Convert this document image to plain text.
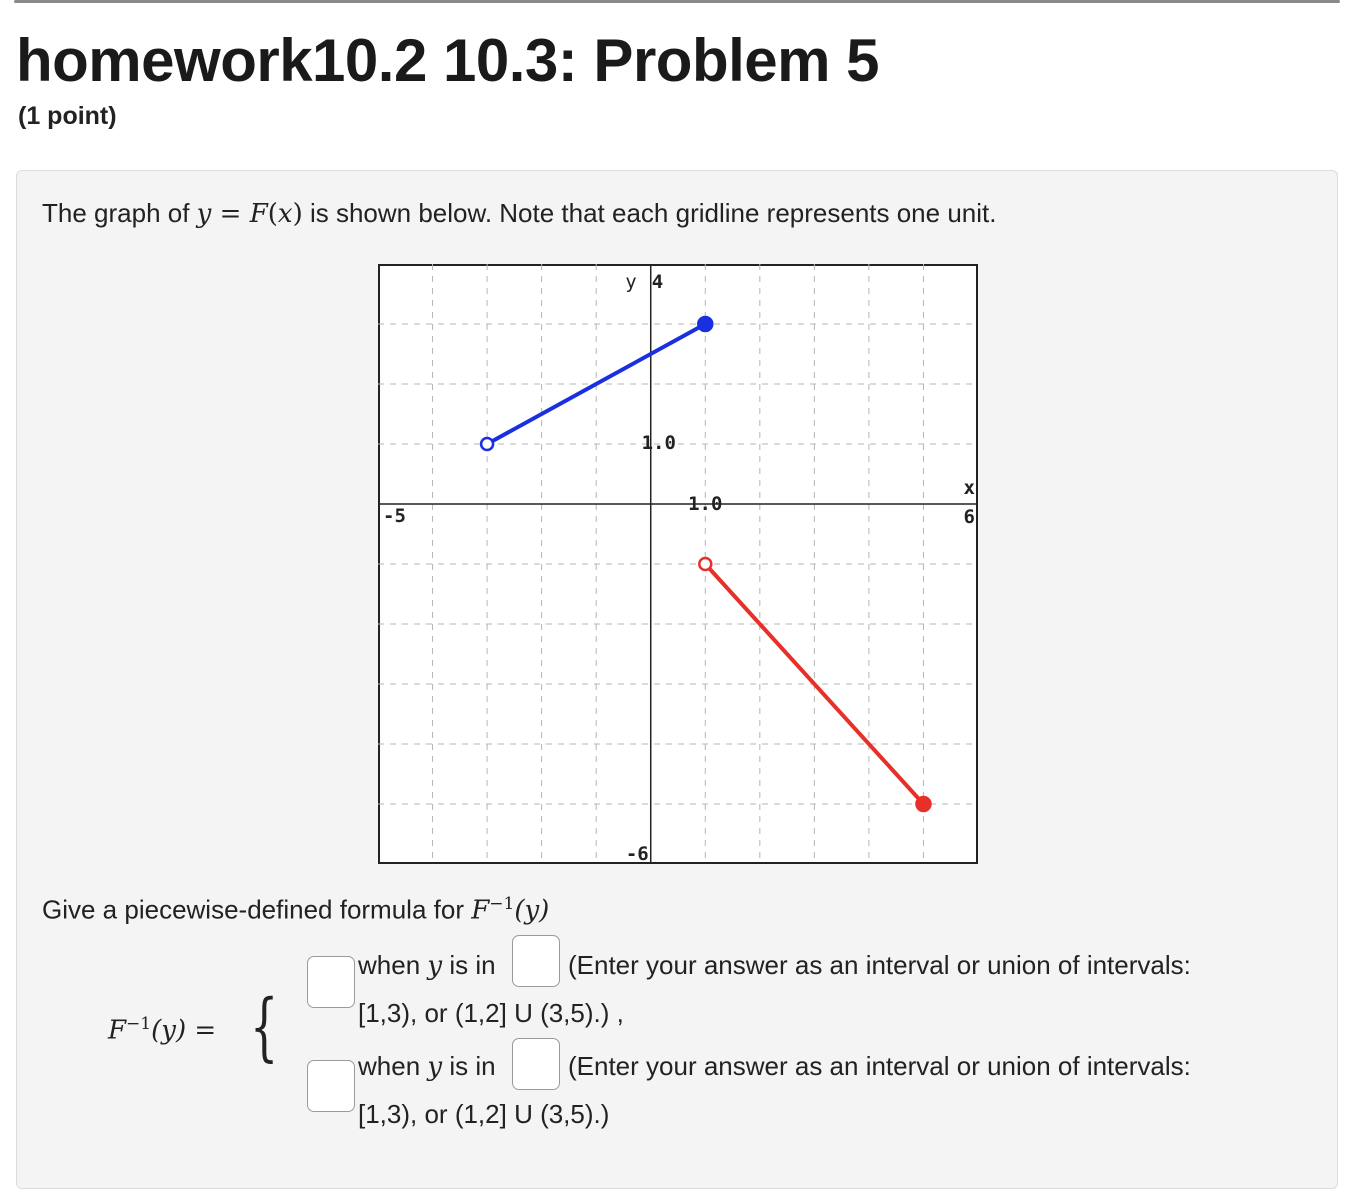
homework10.2 10.3: Problem 5
(1 point)
The graph of y = F(x) is shown below. Note that each gridline represents one unit.
y 4
1.0
1.0
-5
x
6
-6
Give a piecewise-defined formula for $F^{-1}(y)$
$F^{-1}(y)$ = {
when y is in	(Enter your answer as an interval or union of intervals:
[1,3), or (1,2] U (3,5).) ,
when y is in	(Enter your answer as an interval or union of intervals:
[1,3), or (1,2] U (3,5).)
